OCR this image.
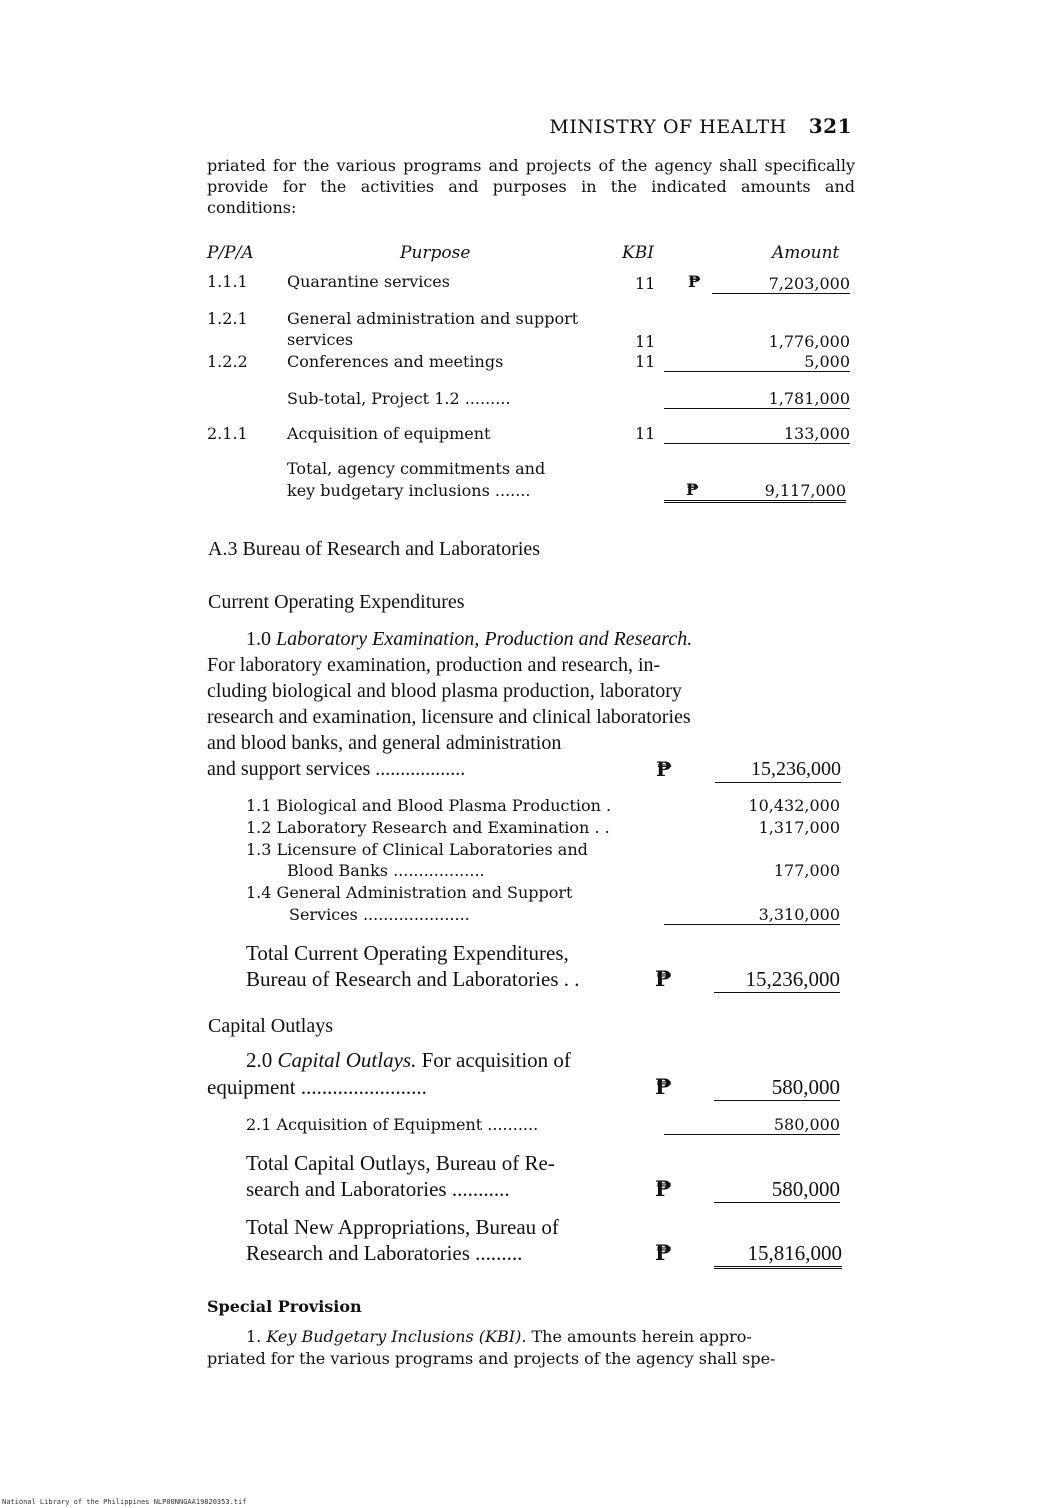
MINISTRY OF HEALTH 321
priated for the various programs and projects of the agency shall specifically provide for the activities and purposes in the indicated amounts and conditions:
P/P/A	Purpose	KBI	Amount
1.1.1 Quarantine services	11 ₱	7,203,000
1.2.1 General administration and support
services	11	1,776,000
1.2.2 Conferences and meetings	11	5,000
Sub-total, Project 1.2 .........	1,781,000
2.1.1 Acquisition of equipment	11	133,000
Total, agency commitments and
key budgetary inclusions .......	₱	9,117,000
A.3 Bureau of Research and Laboratories
Current Operating Expenditures
1.0 Laboratory Examination, Production and Research.
For laboratory examination, production and research, in-
cluding biological and blood plasma production, laboratory
research and examination, licensure and clinical laboratories
and blood banks, and general administration
and support services ..................	₱	15,236,000
1.1 Biological and Blood Plasma Production .	10,432,000
1.2 Laboratory Research and Examination . .	1,317,000
1.3 Licensure of Clinical Laboratories and
Blood Banks ..................	177,000
1.4 General Administration and Support
Services .....................	3,310,000
Total Current Operating Expenditures,
Bureau of Research and Laboratories . .	₱	15,236,000
Capital Outlays
2.0 Capital Outlays. For acquisition of
equipment ........................	₱	580,000
2.1 Acquisition of Equipment ..........	580,000
Total Capital Outlays, Bureau of Re-
search and Laboratories ...........	₱	580,000
Total New Appropriations, Bureau of
Research and Laboratories .........	₱	15,816,000
Special Provision
1. Key Budgetary Inclusions (KBI). The amounts herein appro-
priated for the various programs and projects of the agency shall spe-
National Library of the Philippines NLP00NNGAA19820353.tif
